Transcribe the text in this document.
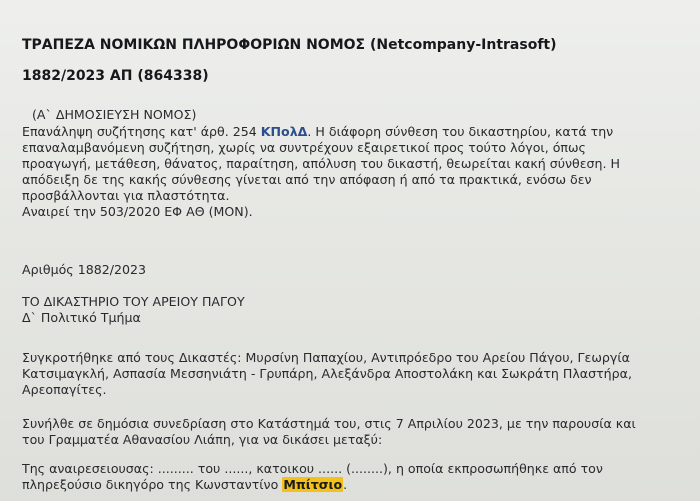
ΤΡΑΠΕΖΑ ΝΟΜΙΚΩΝ ΠΛΗΡΟΦΟΡΙΩΝ ΝΟΜΟΣ (Netcompany-Intrasoft)
1882/2023 ΑΠ (864338)
(Α` ΔΗΜΟΣΙΕΥΣΗ ΝΟΜΟΣ)
Επανάληψη συζήτησης κατ' άρθ. 254 ΚΠολΔ. Η διάφορη σύνθεση του δικαστηρίου, κατά την
επαναλαμβανόμενη συζήτηση, χωρίς να συντρέχουν εξαιρετικοί προς τούτο λόγοι, όπως
προαγωγή, μετάθεση, θάνατος, παραίτηση, απόλυση του δικαστή, θεωρείται κακή σύνθεση. Η
απόδειξη δε της κακής σύνθεσης γίνεται από την απόφαση ή από τα πρακτικά, ενόσω δεν
προσβάλλονται για πλαστότητα.
Αναιρεί την 503/2020 ΕΦ ΑΘ (ΜΟΝ).
Αριθμός 1882/2023
ΤΟ ΔΙΚΑΣΤΗΡΙΟ ΤΟΥ ΑΡΕΙΟΥ ΠΑΓΟΥ
Δ` Πολιτικό Τμήμα
Συγκροτήθηκε από τους Δικαστές: Μυρσίνη Παπαχίου, Αντιπρόεδρο του Αρείου Πάγου, Γεωργία
Κατσιμαγκλή, Ασπασία Μεσσηνιάτη - Γρυπάρη, Αλεξάνδρα Αποστολάκη και Σωκράτη Πλαστήρα,
Αρεοπαγίτες.
Συνήλθε σε δημόσια συνεδρίαση στο Κατάστημά του, στις 7 Απριλίου 2023, με την παρουσία και
του Γραμματέα Αθανασίου Λιάπη, για να δικάσει μεταξύ:
Της αναιρεσειουσας: ......... του ......, κατοικου ...... (........), η οποία εκπροσωπήθηκε από τον
πληρεξούσιο δικηγόρο της Κωνσταντίνο Μπίτσιο.
